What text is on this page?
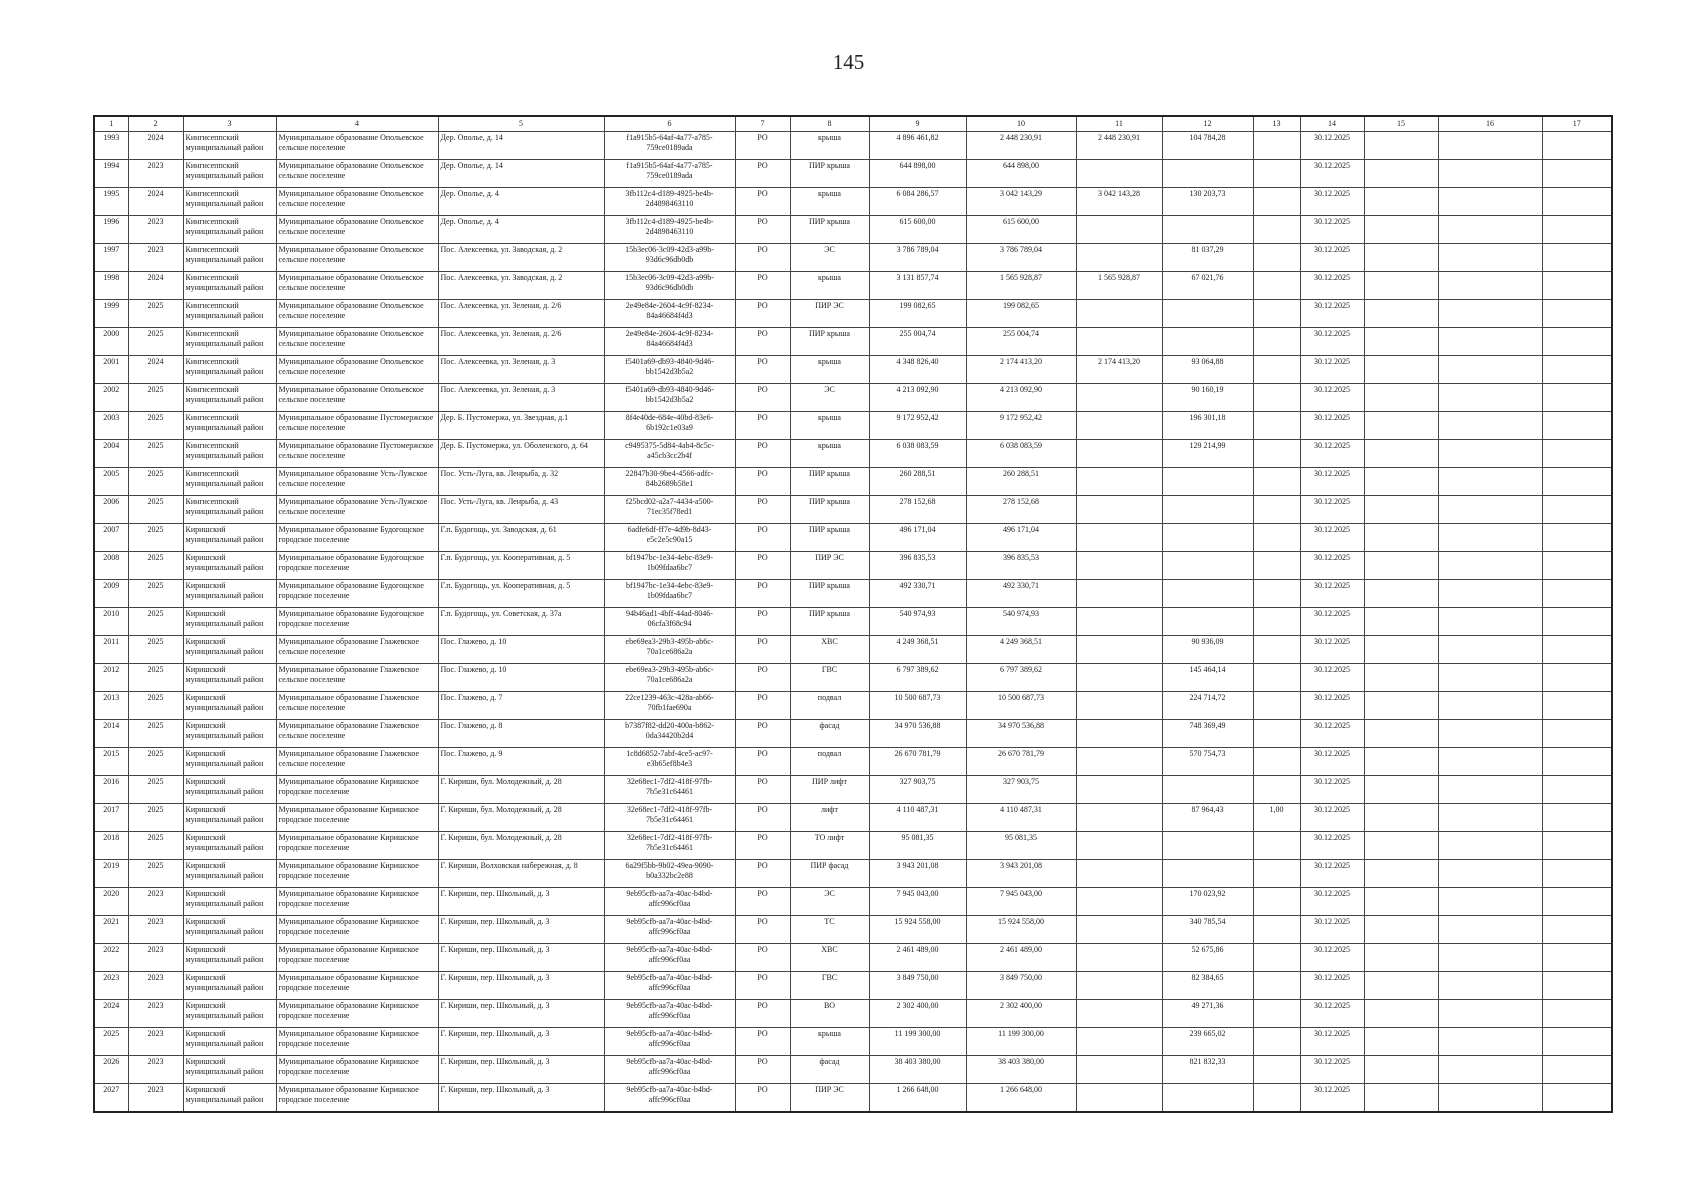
145
1	2	3	4	5	6	7	8	9	10	11	12	13	14	15	16	17
1993	2024	Кингисеппский муниципальный район	Муниципальное образование Опольевское сельское поселение	Дер. Ополье, д. 14	f1a915b5-64af-4a77-a785-759ce0189ada	РО	крыша	4 896 461,82	2 448 230,91	2 448 230,91	104 784,28		30.12.2025			
1994	2023	Кингисеппский муниципальный район	Муниципальное образование Опольевское сельское поселение	Дер. Ополье, д. 14	f1a915b5-64af-4a77-a785-759ce0189ada	РО	ПИР крыша	644 898,00	644 898,00				30.12.2025			
1995	2024	Кингисеппский муниципальный район	Муниципальное образование Опольевское сельское поселение	Дер. Ополье, д. 4	3fb112c4-d189-4925-be4b-2d4898463110	РО	крыша	6 084 286,57	3 042 143,29	3 042 143,28	130 203,73		30.12.2025			
1996	2023	Кингисеппский муниципальный район	Муниципальное образование Опольевское сельское поселение	Дер. Ополье, д. 4	3fb112c4-d189-4925-be4b-2d4898463110	РО	ПИР крыша	615 600,00	615 600,00				30.12.2025			
1997	2023	Кингисеппский муниципальный район	Муниципальное образование Опольевское сельское поселение	Пос. Алексеевка, ул. Заводская, д. 2	15b3ec06-3c09-42d3-a99b-93d6c96db0db	РО	ЭС	3 786 789,04	3 786 789,04		81 037,29		30.12.2025			
1998	2024	Кингисеппский муниципальный район	Муниципальное образование Опольевское сельское поселение	Пос. Алексеевка, ул. Заводская, д. 2	15b3ec06-3c09-42d3-a99b-93d6c96db0db	РО	крыша	3 131 857,74	1 565 928,87	1 565 928,87	67 021,76		30.12.2025			
1999	2025	Кингисеппский муниципальный район	Муниципальное образование Опольевское сельское поселение	Пос. Алексеевка, ул. Зеленая, д. 2/6	2e49e84e-2604-4c9f-8234-84a46684f4d3	РО	ПИР ЭС	199 082,65	199 082,65				30.12.2025			
2000	2025	Кингисеппский муниципальный район	Муниципальное образование Опольевское сельское поселение	Пос. Алексеевка, ул. Зеленая, д. 2/6	2e49e84e-2604-4c9f-8234-84a46684f4d3	РО	ПИР крыша	255 004,74	255 004,74				30.12.2025			
2001	2024	Кингисеппский муниципальный район	Муниципальное образование Опольевское сельское поселение	Пос. Алексеевка, ул. Зеленая, д. 3	f5401a69-db93-4840-9d46-bb1542d3b5a2	РО	крыша	4 348 826,40	2 174 413,20	2 174 413,20	93 064,88		30.12.2025			
2002	2025	Кингисеппский муниципальный район	Муниципальное образование Опольевское сельское поселение	Пос. Алексеевка, ул. Зеленая, д. 3	f5401a69-db93-4840-9d46-bb1542d3b5a2	РО	ЭС	4 213 092,90	4 213 092,90		90 160,19		30.12.2025			
2003	2025	Кингисеппский муниципальный район	Муниципальное образование Пустомержское сельское поселение	Дер. Б. Пустомержа, ул. Звездная, д.1	8f4e40de-684e-40bd-83e6-6b192c1e03a9	РО	крыша	9 172 952,42	9 172 952,42		196 301,18		30.12.2025			
2004	2025	Кингисеппский муниципальный район	Муниципальное образование Пустомержское сельское поселение	Дер. Б. Пустомержа, ул. Оболенского, д. 64	c9495375-5d84-4ab4-8c5c-a45cb3cc2b4f	РО	крыша	6 038 083,59	6 038 083,59		129 214,99		30.12.2025			
2005	2025	Кингисеппский муниципальный район	Муниципальное образование Усть-Лужское сельское поселение	Пос. Усть-Луга, кв. Ленрыба, д. 32	22847b30-9be4-4566-adfc-84b2689b58e1	РО	ПИР крыша	260 288,51	260 288,51				30.12.2025			
2006	2025	Кингисеппский муниципальный район	Муниципальное образование Усть-Лужское сельское поселение	Пос. Усть-Луга, кв. Ленрыба, д. 43	f25bcd02-a2a7-4434-a500-71ec35f78ed1	РО	ПИР крыша	278 152,68	278 152,68				30.12.2025			
2007	2025	Киришский муниципальный район	Муниципальное образование Будогощское городское поселение	Г.п. Будогощь, ул. Заводская, д. 61	6adfe6df-ff7e-4d9b-8d43-e5c2e5c90a15	РО	ПИР крыша	496 171,04	496 171,04				30.12.2025			
2008	2025	Киришский муниципальный район	Муниципальное образование Будогощское городское поселение	Г.п. Будогощь, ул. Кооперативная, д. 5	bf1947bc-1e34-4ebc-83e9-1b09fdaa6bc7	РО	ПИР ЭС	396 835,53	396 835,53				30.12.2025			
2009	2025	Киришский муниципальный район	Муниципальное образование Будогощское городское поселение	Г.п. Будогощь, ул. Кооперативная, д. 5	bf1947bc-1e34-4ebc-83e9-1b09fdaa6bc7	РО	ПИР крыша	492 330,71	492 330,71				30.12.2025			
2010	2025	Киришский муниципальный район	Муниципальное образование Будогощское городское поселение	Г.п. Будогощь, ул. Советская, д. 37а	94b46ad1-4bff-44ad-8046-06cfa3f68c94	РО	ПИР крыша	540 974,93	540 974,93				30.12.2025			
2011	2025	Киришский муниципальный район	Муниципальное образование Глажевское сельское поселение	Пос. Глажево, д. 10	ebe69ea3-29b3-495b-ab6c-70a1ce686a2a	РО	ХВС	4 249 368,51	4 249 368,51		90 936,09		30.12.2025			
2012	2025	Киришский муниципальный район	Муниципальное образование Глажевское сельское поселение	Пос. Глажево, д. 10	ebe69ea3-29b3-495b-ab6c-70a1ce686a2a	РО	ГВС	6 797 389,62	6 797 389,62		145 464,14		30.12.2025			
2013	2025	Киришский муниципальный район	Муниципальное образование Глажевское сельское поселение	Пос. Глажево, д. 7	22ce1239-463c-428a-ab66-70fb1fae690a	РО	подвал	10 500 687,73	10 500 687,73		224 714,72		30.12.2025			
2014	2025	Киришский муниципальный район	Муниципальное образование Глажевское сельское поселение	Пос. Глажево, д. 8	b7387f82-dd20-400a-b862-0da34420b2d4	РО	фасад	34 970 536,88	34 970 536,88		748 369,49		30.12.2025			
2015	2025	Киришский муниципальный район	Муниципальное образование Глажевское сельское поселение	Пос. Глажево, д. 9	1c8d6852-7abf-4ce5-ac97-e3b65ef8b4e3	РО	подвал	26 670 781,79	26 670 781,79		570 754,73		30.12.2025			
2016	2025	Киришский муниципальный район	Муниципальное образование Киришское городское поселение	Г. Кириши, бул. Молодежный, д. 28	32e68ec1-7df2-418f-97fb-7b5e31c64461	РО	ПИР лифт	327 903,75	327 903,75				30.12.2025			
2017	2025	Киришский муниципальный район	Муниципальное образование Киришское городское поселение	Г. Кириши, бул. Молодежный, д. 28	32e68ec1-7df2-418f-97fb-7b5e31c64461	РО	лифт	4 110 487,31	4 110 487,31		87 964,43	1,00	30.12.2025			
2018	2025	Киришский муниципальный район	Муниципальное образование Киришское городское поселение	Г. Кириши, бул. Молодежный, д. 28	32e68ec1-7df2-418f-97fb-7b5e31c64461	РО	ТО лифт	95 081,35	95 081,35				30.12.2025			
2019	2025	Киришский муниципальный район	Муниципальное образование Киришское городское поселение	Г. Кириши, Волховская набережная, д. 8	6a29f5bb-9b02-49ea-9090-b0a332bc2e88	РО	ПИР фасад	3 943 201,08	3 943 201,08				30.12.2025			
2020	2023	Киришский муниципальный район	Муниципальное образование Киришское городское поселение	Г. Кириши, пер. Школьный, д. 3	9eb95cfb-aa7a-40ac-b4bd-affc996cf0aa	РО	ЭС	7 945 043,00	7 945 043,00		170 023,92		30.12.2025			
2021	2023	Киришский муниципальный район	Муниципальное образование Киришское городское поселение	Г. Кириши, пер. Школьный, д. 3	9eb95cfb-aa7a-40ac-b4bd-affc996cf0aa	РО	ТС	15 924 558,00	15 924 558,00		340 785,54		30.12.2025			
2022	2023	Киришский муниципальный район	Муниципальное образование Киришское городское поселение	Г. Кириши, пер. Школьный, д. 3	9eb95cfb-aa7a-40ac-b4bd-affc996cf0aa	РО	ХВС	2 461 489,00	2 461 489,00		52 675,86		30.12.2025			
2023	2023	Киришский муниципальный район	Муниципальное образование Киришское городское поселение	Г. Кириши, пер. Школьный, д. 3	9eb95cfb-aa7a-40ac-b4bd-affc996cf0aa	РО	ГВС	3 849 750,00	3 849 750,00		82 384,65		30.12.2025			
2024	2023	Киришский муниципальный район	Муниципальное образование Киришское городское поселение	Г. Кириши, пер. Школьный, д. 3	9eb95cfb-aa7a-40ac-b4bd-affc996cf0aa	РО	ВО	2 302 400,00	2 302 400,00		49 271,36		30.12.2025			
2025	2023	Киришский муниципальный район	Муниципальное образование Киришское городское поселение	Г. Кириши, пер. Школьный, д. 3	9eb95cfb-aa7a-40ac-b4bd-affc996cf0aa	РО	крыша	11 199 300,00	11 199 300,00		239 665,02		30.12.2025			
2026	2023	Киришский муниципальный район	Муниципальное образование Киришское городское поселение	Г. Кириши, пер. Школьный, д. 3	9eb95cfb-aa7a-40ac-b4bd-affc996cf0aa	РО	фасад	38 403 380,00	38 403 380,00		821 832,33		30.12.2025			
2027	2023	Киришский муниципальный район	Муниципальное образование Киришское городское поселение	Г. Кириши, пер. Школьный, д. 3	9eb95cfb-aa7a-40ac-b4bd-affc996cf0aa	РО	ПИР ЭС	1 266 648,00	1 266 648,00				30.12.2025			
